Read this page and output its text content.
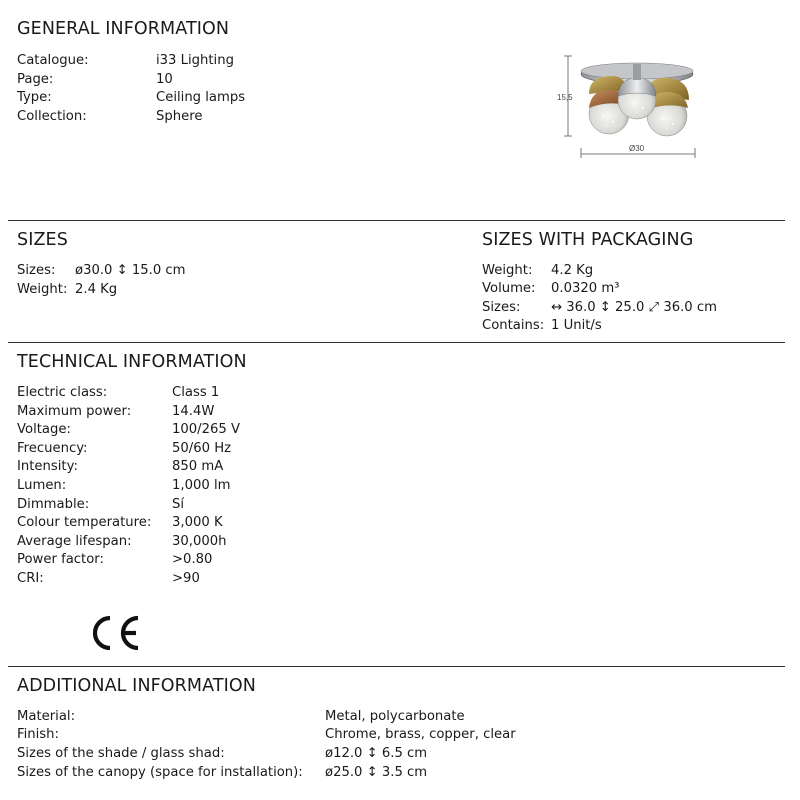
GENERAL INFORMATION
Catalogue:	i33 Lighting
Page:	10
Type:	Ceiling lamps
Collection:	Sphere
15,5
Ø30
SIZES
Sizes: ø30.0 ↕ 15.0 cm
Weight: 2.4 Kg
SIZES WITH PACKAGING
Weight: 4.2 Kg
Volume: 0.0320 m³
Sizes: ↔ 36.0 ↕ 25.0 ⤢ 36.0 cm
Contains: 1 Unit/s
TECHNICAL INFORMATION
Electric class:	Class 1
Maximum power:	14.4W
Voltage:	100/265 V
Frecuency:	50/60 Hz
Intensity:	850 mA
Lumen:	1,000 lm
Dimmable:	Sí
Colour temperature: 3,000 K
Average lifespan:	30,000h
Power factor:	>0.80
CRI:	>90
ADDITIONAL INFORMATION
Material:	Metal, polycarbonate
Finish:	Chrome, brass, copper, clear
Sizes of the shade / glass shad:	ø12.0 ↕ 6.5 cm
Sizes of the canopy (space for installation): ø25.0 ↕ 3.5 cm
